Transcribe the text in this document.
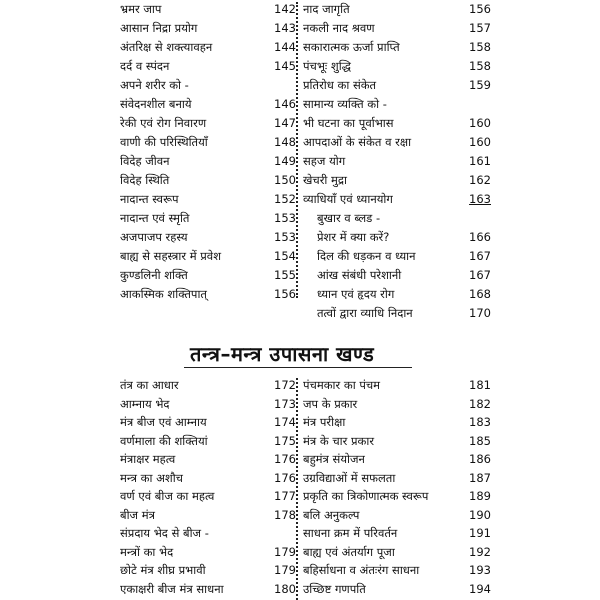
भ्रमर जाप	142
आसान निद्रा प्रयोग	143
अंतरिक्ष से शक्त्यावहन	144
दर्द व स्पंदन	145
अपने शरीर को -
संवेदनशील बनाये	146
रेकी एवं रोग निवारण	147
वाणी की परिस्थितियाँ	148
विदेह जीवन	149
विदेह स्थिति	150
नादान्त स्वरूप	152
नादान्त एवं स्मृति	153
अजपाजप रहस्य	153
बाह्य से सहस्त्रार में प्रवेश	154
कुण्डलिनी शक्ति	155
आकस्मिक शक्तिपात्	156
नाद जागृति	156
नकली नाद श्रवण	157
सकारात्मक ऊर्जा प्राप्ति	158
पंचभूः शुद्धि	158
प्रतिरोध का संकेत	159
सामान्य व्यक्ति को -
भी घटना का पूर्वाभास	160
आपदाओं के संकेत व रक्षा	160
सहज योग	161
खेचरी मुद्रा	162
व्याधियाँ एवं ध्यानयोग	163
बुखार व ब्लड -
प्रेशर में क्या करें?	166
दिल की धड़कन व ध्यान	167
आंख संबंधी परेशानी	167
ध्यान एवं हृदय रोग	168
तत्वों द्वारा व्याधि निदान	170
तन्त्र–मन्त्र उपासना खण्ड
तंत्र का आधार	172
आम्नाय भेद	173
मंत्र बीज एवं आम्नाय	174
वर्णमाला की शक्तियां	175
मंत्राक्षर महत्व	176
मन्त्र का अशौच	176
वर्ण एवं बीज का महत्व	177
बीज मंत्र	178
संप्रदाय भेद से बीज -
मन्त्रों का भेद	179
छोटे मंत्र शीघ्र प्रभावी	179
एकाक्षरी बीज मंत्र साधना	180
पंचमकार का पंचम	181
जप के प्रकार	182
मंत्र परीक्षा	183
मंत्र के चार प्रकार	185
बहुमंत्र संयोजन	186
उग्रविद्याओं में सफलता	187
प्रकृति का त्रिकोणात्मक स्वरूप	189
बलि अनुकल्प	190
साधना क्रम में परिवर्तन	191
बाह्य एवं अंतर्याग पूजा	192
बहिर्साधना व अंतःरंग साधना	193
उच्छिष्ट गणपति	194
